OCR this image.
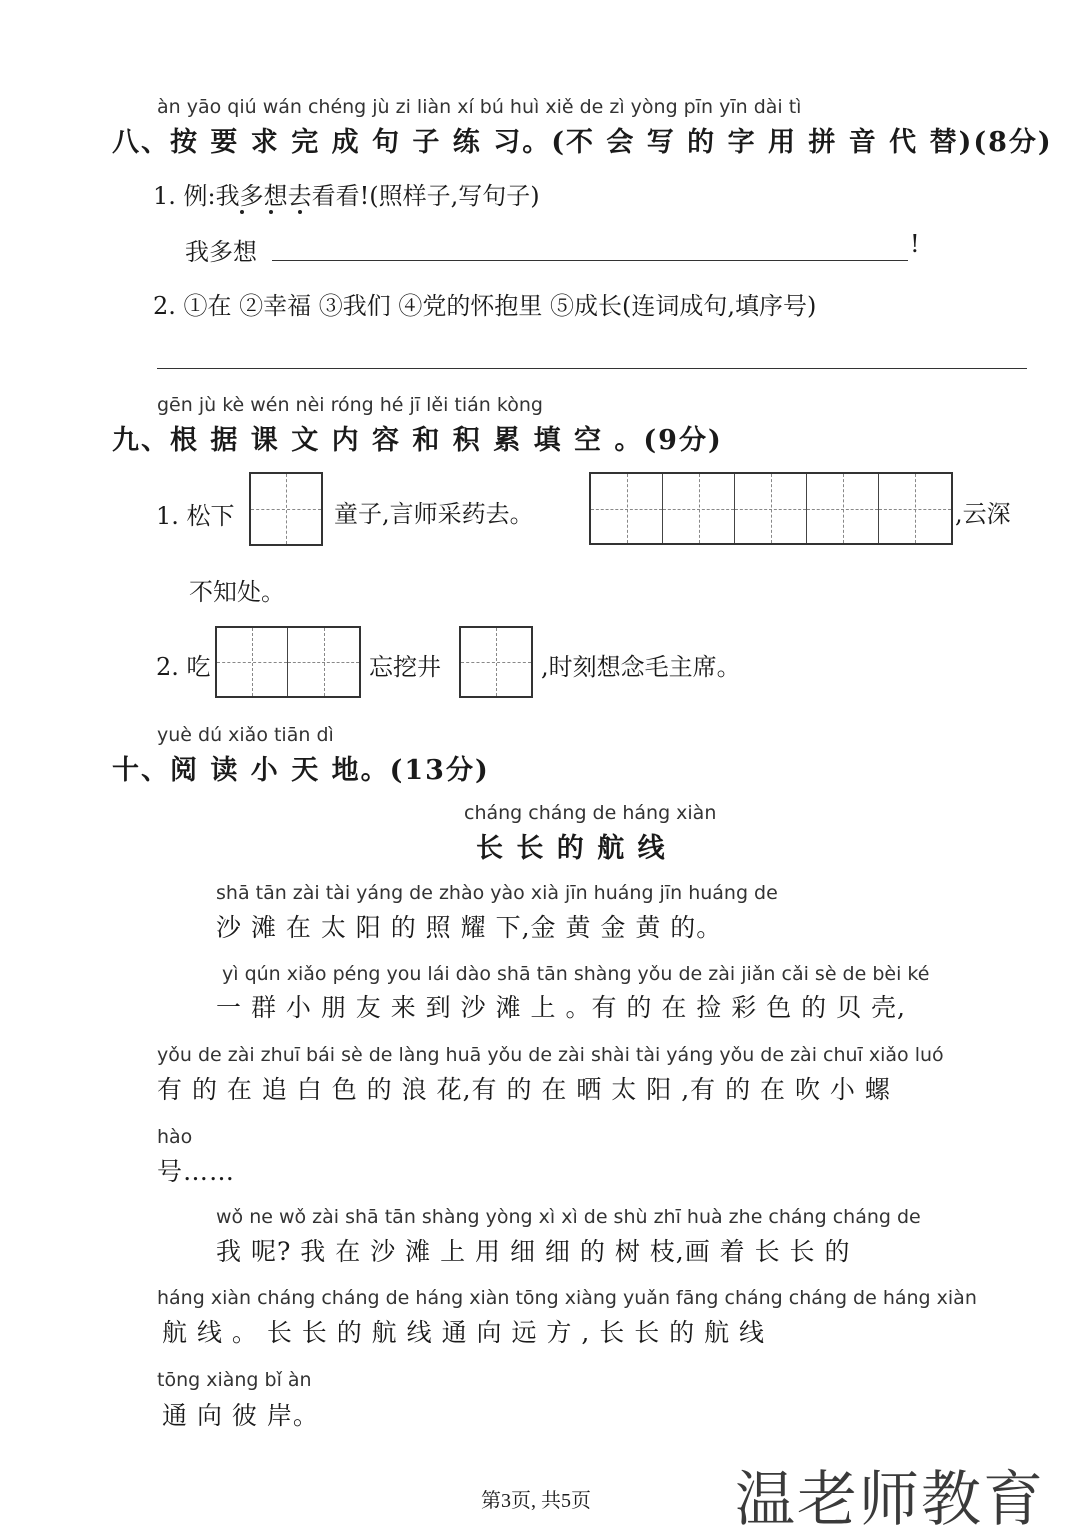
àn yāo qiú wán chéng jù zi liàn xí bú huì xiě de zì yòng pīn yīn dài tì
八、按 要 求 完 成 句 子 练 习。(不 会 写 的 字 用 拼 音 代 替)(8分)
1. 例:我多想去看看!(照样子,写句子)
我多想	!
2. ①在 ②幸福 ③我们 ④党的怀抱里 ⑤成长(连词成句,填序号)
gēn jù kè wén nèi róng hé jī lěi tián kòng
九、根 据 课 文 内 容 和 积 累 填 空 。(9分)
1. 松下	童子,言师采药去。	,云深
不知处。
2. 吃	忘挖井	,时刻想念毛主席。
yuè dú xiǎo tiān dì
十、阅 读 小 天 地。(13分)
cháng cháng de háng xiàn
长 长 的 航 线
shā tān zài tài yáng de zhào yào xià jīn huáng jīn huáng de
沙 滩 在 太 阳 的 照 耀 下,金 黄 金 黄 的。
yì qún xiǎo péng you lái dào shā tān shàng yǒu de zài jiǎn cǎi sè de bèi ké
一 群 小 朋 友 来 到 沙 滩 上 。有 的 在 捡 彩 色 的 贝 壳,
yǒu de zài zhuī bái sè de làng huā yǒu de zài shài tài yáng yǒu de zài chuī xiǎo luó
有 的 在 追 白 色 的 浪 花,有 的 在 晒 太 阳 ,有 的 在 吹 小 螺
hào
号……
wǒ ne wǒ zài shā tān shàng yòng xì xì de shù zhī huà zhe cháng cháng de
我 呢? 我 在 沙 滩 上 用 细 细 的 树 枝,画 着 长 长 的
háng xiàn cháng cháng de háng xiàn tōng xiàng yuǎn fāng cháng cháng de háng xiàn
航 线 。 长 长 的 航 线 通 向 远 方 , 长 长 的 航 线
tōng xiàng bǐ àn
通 向 彼 岸。
第3页, 共5页 温老师教育
